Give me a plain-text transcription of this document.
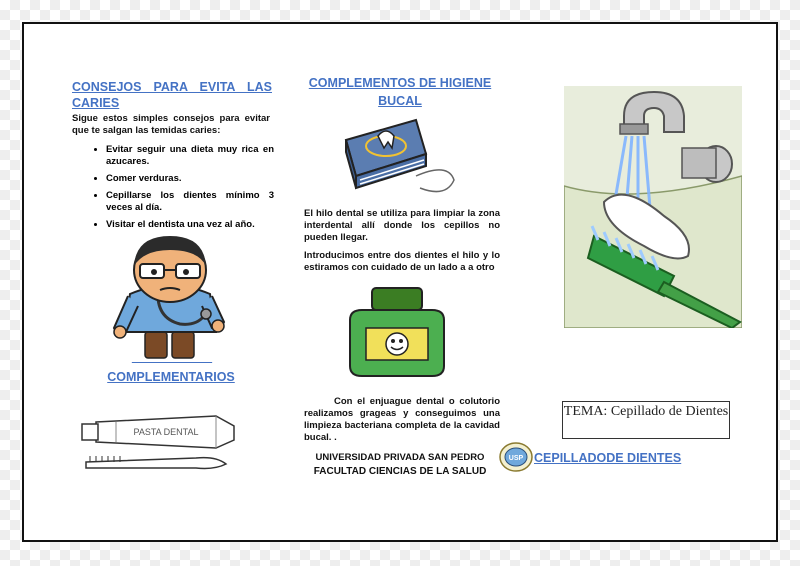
CONSEJOS PARA EVITA LAS CARIES
Sigue estos simples consejos para evitar que te salgan las temidas caries:
• Evitar seguir una dieta muy rica en azucares.
• Comer verduras.
• Cepillarse los dientes mínimo 3 veces al día.
• Visitar el dentista una vez al año.
COMPLEMENTARIOS
PASTA DENTAL
COMPLEMENTOS DE HIGIENE BUCAL
El hilo dental se utiliza para limpiar la zona interdental allí donde los cepillos no pueden llegar.
Introducimos entre dos dientes el hilo y lo estiramos con cuidado de un lado a a otro
Con el enjuague dental o colutorio realizamos grageas y conseguimos una limpieza bacteriana completa de la cavidad bucal. .
UNIVERSIDAD PRIVADA SAN PEDRO
FACULTAD CIENCIAS DE LA SALUD
TEMA: Cepillado de Dientes
USP CEPILLADODE DIENTES
